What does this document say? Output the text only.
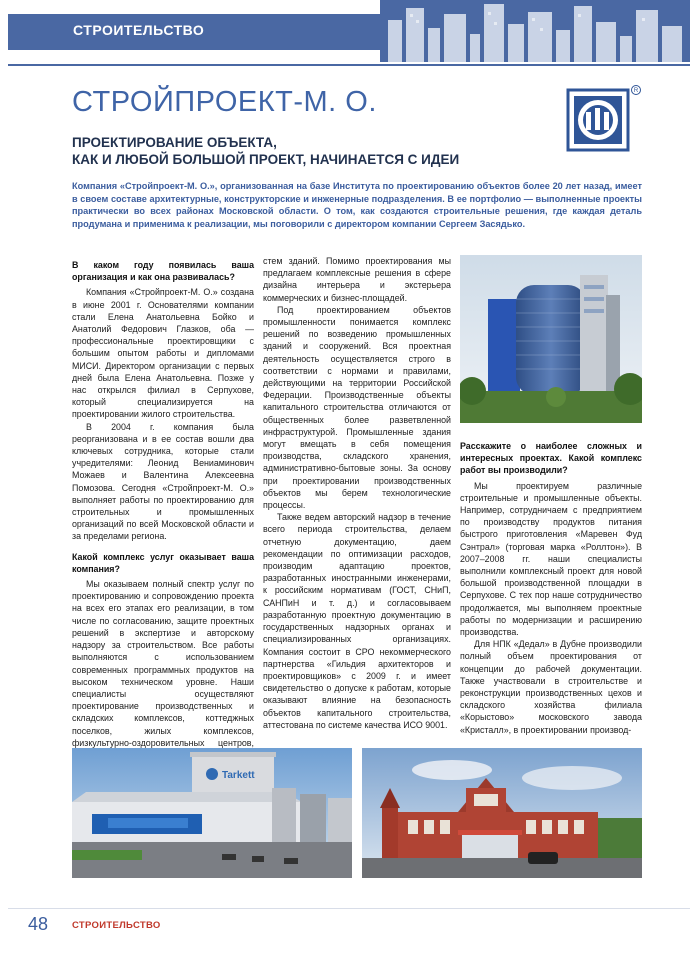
СТРОИТЕЛЬСТВО
СТРОЙПРОЕКТ-М. О.
ПРОЕКТИРОВАНИЕ ОБЪЕКТА,
КАК И ЛЮБОЙ БОЛЬШОЙ ПРОЕКТ, НАЧИНАЕТСЯ С ИДЕИ
R
Компания «Стройпроект-М. О.», организованная на базе Института по проектированию объектов более 20 лет назад, имеет в своем составе архитектурные, конструкторские и инженерные подразделения. В ее портфолио — выполненные проекты практически во всех районах Московской области. О том, как создаются строительные решения, где каждая деталь продумана и применима к реализации, мы поговорили с директором компании Сергеем Засядько.

В каком году появилась ваша организация и как она развивалась?

Компания «Стройпроект-М. О.» создана в июне 2001 г. Основателями компании стали Елена Анатольевна Бойко и Анатолий Федорович Глазков, оба — профессиональные проектировщики с большим опытом работы и дипломами МИСИ. Директором организации с первых дней была Елена Анатольевна. Позже у нас открылся филиал в Серпухове, который специализируется на проектировании жилого строительства.

В 2004 г. компания была реорганизована и в ее состав вошли два ключевых сотрудника, которые стали учредителями: Леонид Вениаминович Можаев и Валентина Алексеевна Помозова. Сегодня «Стройпроект-М. О.» выполняет работы по проектированию для строительных и промышленных организаций по всей Московской области и за пределами региона.

Какой комплекс услуг оказывает ваша компания?

Мы оказываем полный спектр услуг по проектированию и сопровождению проекта на всех его этапах его реализации, в том числе по согласованию, защите проектных решений в экспертизе и авторскому надзору за строительством. Все работы выполняются с использованием современных программных продуктов на высоком техническом уровне. Наши специалисты осуществляют проектирование производственных и складских комплексов, коттеджных поселков, жилых комплексов, физкультурно-оздоровительных центров,

стем зданий. Помимо проектирования мы предлагаем комплексные решения в сфере дизайна интерьера и экстерьера коммерческих и бизнес-площадей.

Под проектированием объектов промышленности понимается комплекс решений по возведению промышленных зданий и сооружений. Вся проектная деятельность осуществляется строго в соответствии с нормами и правилами, действующими на территории Российской Федерации. Производственные объекты капитального строительства отличаются от общественных более разветвленной инфраструктурой. Промышленные здания могут вмещать в себя помещения производства, складского хранения, административно-бытовые зоны. За основу при проектировании производственных объектов мы берем технологические процессы.

Также ведем авторский надзор в течение всего периода строительства, делаем отчетную документацию, даем рекомендации по оптимизации расходов, производим адаптацию проектов, разработанных иностранными инженерами, к российским нормативам (ГОСТ, СНиП, САНПиН и т. д.) и согласовываем разработанную проектную документацию в государственных надзорных органах и специализированных организациях. Компания состоит в СРО некоммерческого партнерства «Гильдия архитекторов и проектировщиков» с 2009 г. и имеет свидетельство о допуске к работам, которые оказывают влияние на безопасность объектов капитального строительства, аттестована по системе качества ИСО 9001.

Расскажите о наиболее сложных и интересных проектах. Какой комплекс работ вы производили?

Мы проектируем различные строительные и промышленные объекты. Например, сотрудничаем с предприятием по производству продуктов питания быстрого приготовления «Маревен Фуд Сэнтрал» (торговая марка «Роллтон»). В 2007–2008 гг. наши специалисты выполнили комплексный проект для новой большой производственной площадки в Серпухове. С тех пор наше сотрудничество продолжается, мы выполняем проектные работы по модернизации и расширению производства.

Для НПК «Дедал» в Дубне производили полный объем проектирования от концепции до рабочей документации. Также участвовали в строительстве и реконструкции производственных цехов и складского хозяйства филиала «Корыстово» московского завода «Кристалл», в проектировании производ-

Tarkett
48	СТРОИТЕЛЬСТВО
